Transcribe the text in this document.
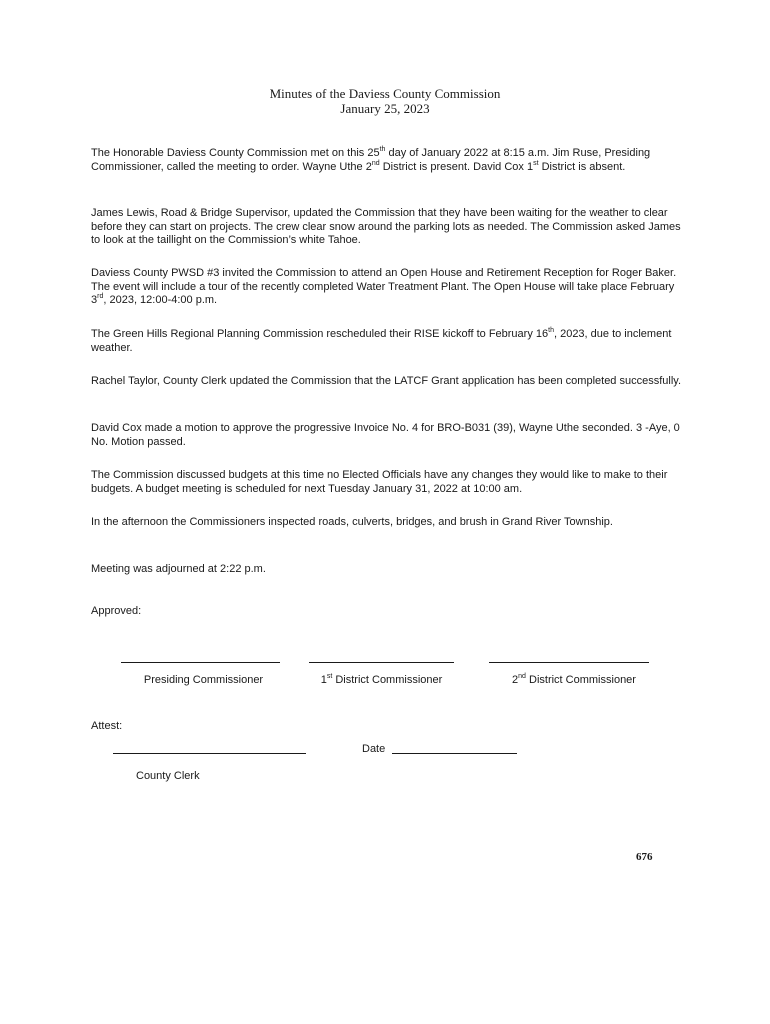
Minutes of the Daviess County Commission
January 25, 2023
The Honorable Daviess County Commission met on this 25th day of January 2022 at 8:15 a.m. Jim Ruse, Presiding Commissioner, called the meeting to order. Wayne Uthe 2nd District is present. David Cox 1st District is absent.
James Lewis, Road & Bridge Supervisor, updated the Commission that they have been waiting for the weather to clear before they can start on projects. The crew clear snow around the parking lots as needed. The Commission asked James to look at the taillight on the Commission’s white Tahoe.
Daviess County PWSD #3 invited the Commission to attend an Open House and Retirement Reception for Roger Baker. The event will include a tour of the recently completed Water Treatment Plant. The Open House will take place February 3rd, 2023, 12:00-4:00 p.m.
The Green Hills Regional Planning Commission rescheduled their RISE kickoff to February 16th, 2023, due to inclement weather.
Rachel Taylor, County Clerk updated the Commission that the LATCF Grant application has been completed successfully.
David Cox made a motion to approve the progressive Invoice No. 4 for BRO-B031 (39), Wayne Uthe seconded. 3 -Aye, 0 No. Motion passed.
The Commission discussed budgets at this time no Elected Officials have any changes they would like to make to their budgets. A budget meeting is scheduled for next Tuesday January 31, 2022 at 10:00 am.
In the afternoon the Commissioners inspected roads, culverts, bridges, and brush in Grand River Township.
Meeting was adjourned at 2:22 p.m.
Approved:
Presiding Commissioner	1st District Commissioner	2nd District Commissioner
Attest:
Date
County Clerk
676
